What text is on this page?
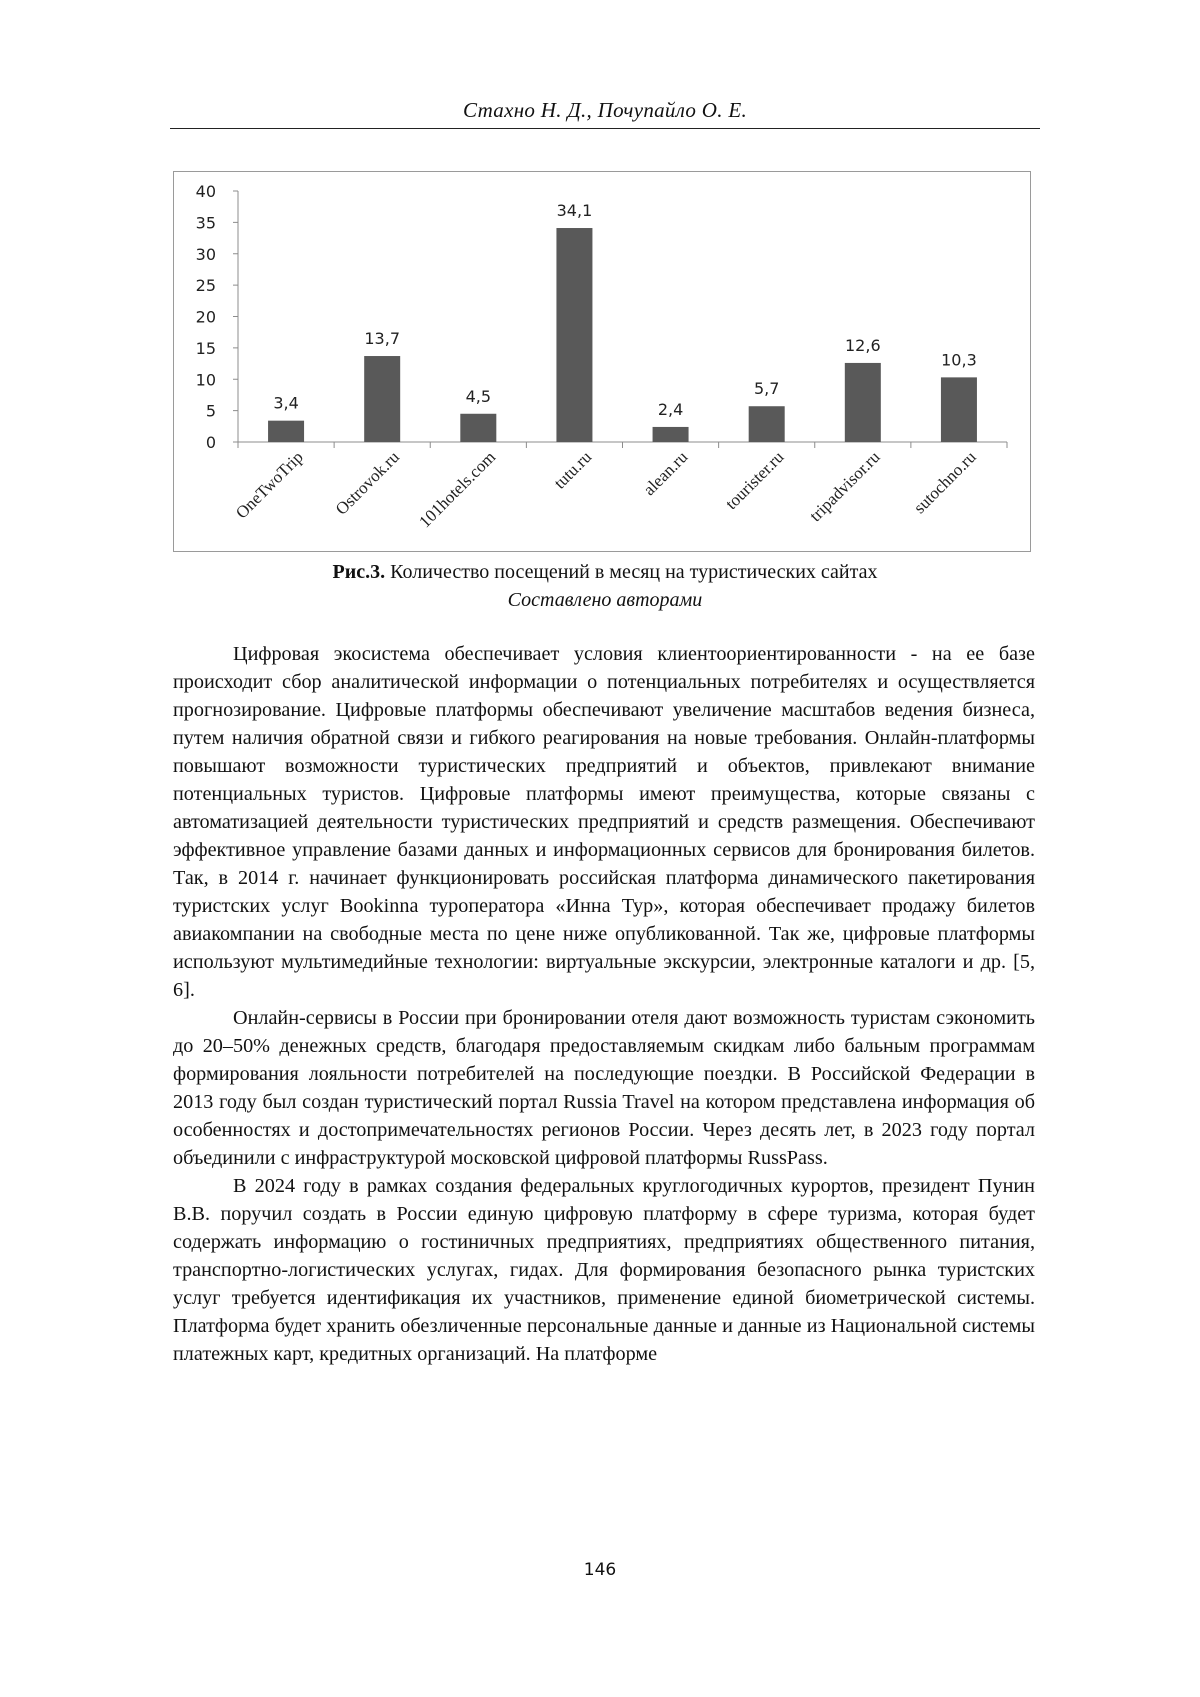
Стахно Н. Д., Почупайло О. Е.
0
5
10
15
20
25
30
35
40
3,4
OneTwoTrip
13,7
Ostrovok.ru
4,5
101hotels.com
34,1
tutu.ru
2,4
alean.ru
5,7
tourister.ru
12,6
tripadvisor.ru
10,3
sutochno.ru
Рис.3. Количество посещений в месяц на туристических сайтах
Составлено авторами

Цифровая экосистема обеспечивает условия клиентоориентированности - на ее базе происходит сбор аналитической информации о потенциальных потребителях и осуществляется прогнозирование. Цифровые платформы обеспечивают увеличение масштабов ведения бизнеса, путем наличия обратной связи и гибкого реагирования на новые требования. Онлайн-платформы повышают возможности туристических предприятий и объектов, привлекают внимание потенциальных туристов. Цифровые платформы имеют преимущества, которые связаны с автоматизацией деятельности туристических предприятий и средств размещения. Обеспечивают эффективное управление базами данных и информационных сервисов для бронирования билетов. Так, в 2014 г. начинает функционировать российская платформа динамического пакетирования туристских услуг Bookinna туроператора «Инна Тур», которая обеспечивает продажу билетов авиакомпании на свободные места по цене ниже опубликованной. Так же, цифровые платформы используют мультимедийные технологии: виртуальные экскурсии, электронные каталоги и др. [5, 6].

Онлайн-сервисы в России при бронировании отеля дают возможность туристам сэкономить до 20–50% денежных средств, благодаря предоставляемым скидкам либо бальным программам формирования лояльности потребителей на последующие поездки. В Российской Федерации в 2013 году был создан туристический портал Russia Travel на котором представлена информация об особенностях и достопримечательностях регионов России. Через десять лет, в 2023 году портал объединили с инфраструктурой московской цифровой платформы RussPass.

В 2024 году в рамках создания федеральных круглогодичных курортов, президент Пунин В.В. поручил создать в России единую цифровую платформу в сфере туризма, которая будет содержать информацию о гостиничных предприятиях, предприятиях общественного питания, транспортно-логистических услугах, гидах. Для формирования безопасного рынка туристских услуг требуется идентификация их участников, применение единой биометрической системы. Платформа будет хранить обезличенные персональные данные и данные из Национальной системы платежных карт, кредитных организаций. На платформе

146
